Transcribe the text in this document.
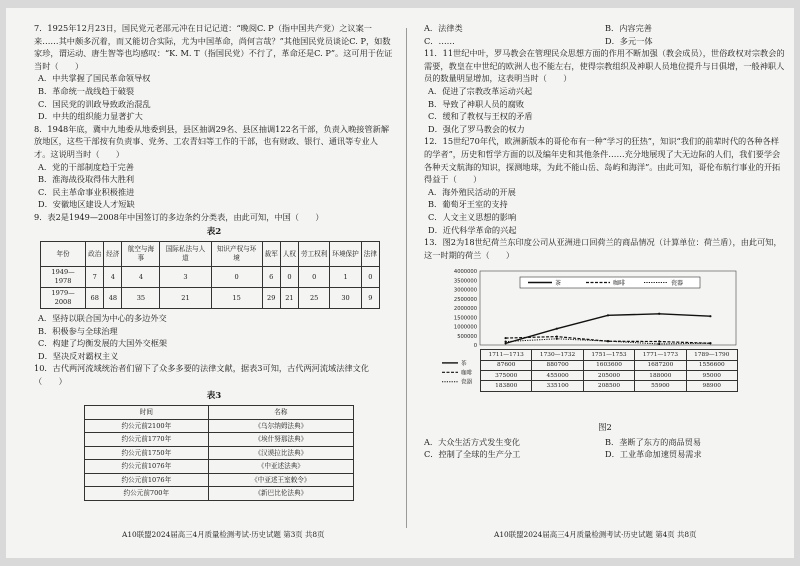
7．1925年12月23日，国民党元老邵元冲在日记记道：“晚阅C. P（指中国共产党）之议案一来……其中颇多沉着，而又能切合实际，尤为中国革命，尚何言哉？”其他国民党员谈论C. P，如数家珍，谓运动、唐生智等也均感叹：“K. M. T（指国民党）不行了，革命还是C. P”。这可用于佐证当时（　　）

A．中共掌握了国民革命领导权

B．革命统一战线趋于破裂

C．国民党的训政导致政治混乱

D．中共的组织能力显著扩大

8．1948年底，冀中九地委从地委到县，县区抽调29名、县区抽调122名干部，负责入晚接管新解放地区，这些干部按有负责事、党务、工农青妇等工作的干部，也有财政、银行、通讯等专业人才。这说明当时（　　）

A．党的干部制度趋于完善

B．淮海战役取得伟大胜利

C．民主革命事业积极推进

D．安徽地区建设人才短缺

9．表2是1949—2008年中国签订的多边条约分类表，由此可知，中国（　　）

表2
年份	政治	经济	航空与海事	国际私法与人道	知识产权与环境	裁军	人权	劳工权利	环境保护	法律
1949—1978	7	4	4	3	0	6	0	0	1	0
1979—2008	68	48	35	21	15	29	21	25	30	9

A．坚持以联合国为中心的多边外交

B．积极参与全球治理

C．构建了均衡发展的大国外交框架

D．坚决反对霸权主义

10．古代两河流域统治者们留下了众多多要的法律文献，据表3可知，古代两河流域法律文化（　　）

表3
时间	名称
约公元前2100年	《乌尔纳姆法典》
约公元前1770年	《埃什努那法典》
约公元前1750年	《汉谟拉比法典》
约公元前1076年	《中亚述法典》
约公元前1076年	《中亚述王室敕令》
约公元前700年	《新巴比伦法典》
A10联盟2024届高三4月质量检测考试·历史试题 第3页 共8页

A．法律类	B．内容完善

C．……	D．多元一体

11．11世纪中叶，罗马教会在管理民众思想方面的作用不断加强（教会成员），世俗政权对宗教会的需要，教皇在中世纪的欧洲人也不能左右，使得宗教组织及神职人员地位提升与日俱增，一般神职人员的数量明显增加，这表明当时（　　）

A．促进了宗教改革运动兴起

B．导致了神职人员的腐败

C．缓和了教权与王权的矛盾

D．强化了罗马教会的权力

12．15世纪70年代，欧洲新版本的哥伦布有一种“学习的狂热”，知识“我们的前辈时代的各种各样的学者”，历史和哲学方面的以及编年史和其他条件……充分地展现了大无边际的人们，我们要学会各种天文航海的知识，探测地球，为此不能山岳、岛屿和海洋”。由此可知，哥伦布航行事业的开拓得益于（　　）

A．海外殖民活动的开展

B．葡萄牙王室的支持

C．人文主义思想的影响

D．近代科学革命的兴起

13．图2为18世纪荷兰东印度公司从亚洲进口回荷兰的商品情况（计算单位：荷兰盾），由此可知，这一时期的荷兰（　　）

4000000
3500000
3000000
2500000
2000000
1500000
1000000
500000
0
茶	咖啡	瓷器
茶
咖啡
瓷器
1711—1713	1730—1732	1751—1753	1771—1773	1789—1790
87600	880700	1603600	1687200	1556600
375000	455000	205000	188000	95000
183800	335100	208500	55900	98900
图2

A．大众生活方式发生变化	B．垄断了东方的商品贸易

C．控制了全球的生产分工	D．工业革命加速贸易需求

A10联盟2024届高三4月质量检测考试·历史试题 第4页 共8页
